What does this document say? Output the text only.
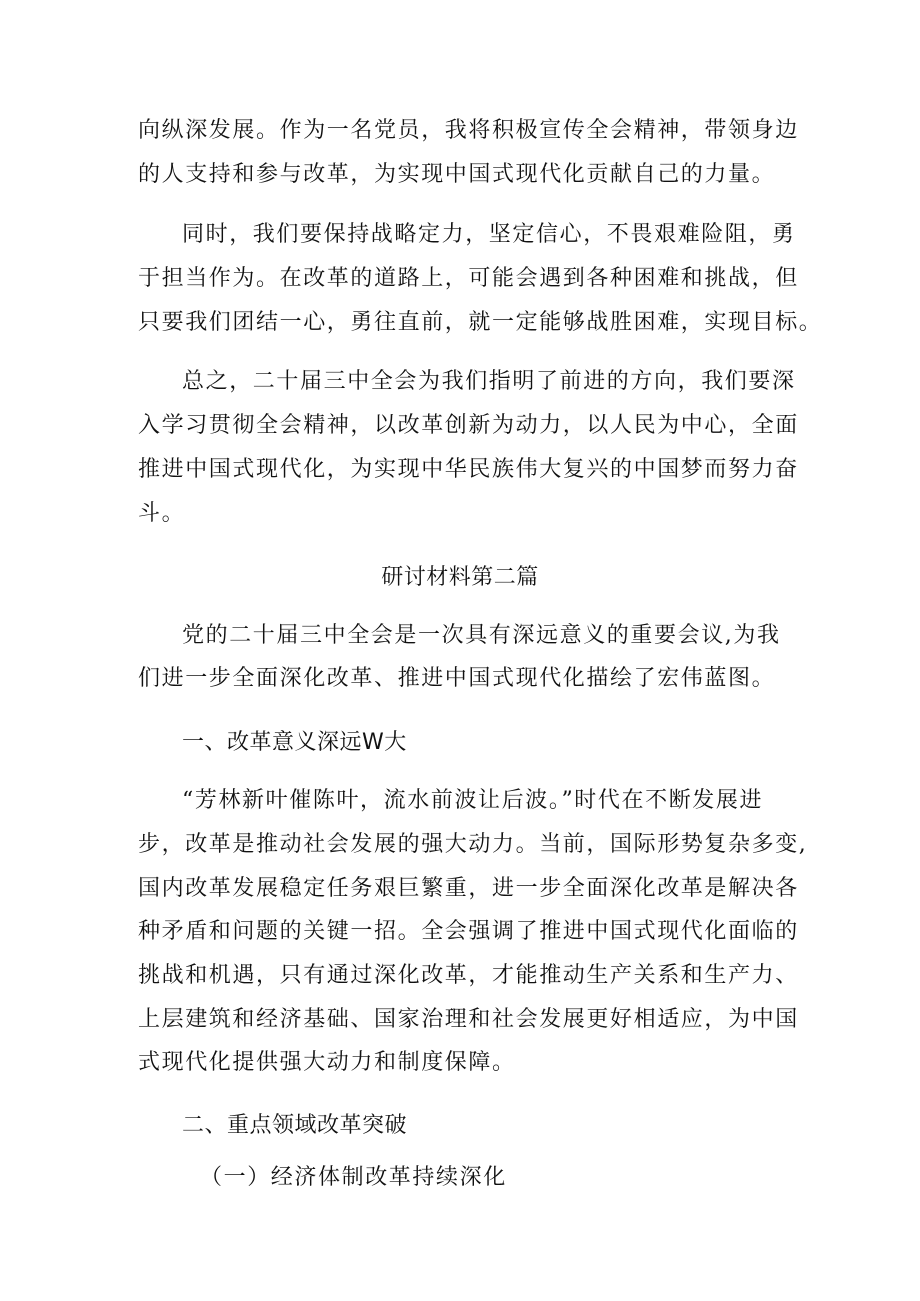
向纵深发展。作为一名党员，我将积极宣传全会精神，带领身边
的人支持和参与改革，为实现中国式现代化贡献自己的力量。
同时，我们要保持战略定力，坚定信心，不畏艰难险阻，勇
于担当作为。在改革的道路上，可能会遇到各种困难和挑战，但
只要我们团结一心，勇往直前，就一定能够战胜困难，实现目标。
总之，二十届三中全会为我们指明了前进的方向，我们要深
入学习贯彻全会精神，以改革创新为动力，以人民为中心，全面
推进中国式现代化，为实现中华民族伟大复兴的中国梦而努力奋
斗。
研讨材料第二篇
党的二十届三中全会是一次具有深远意义的重要会议,为我
们进一步全面深化改革、推进中国式现代化描绘了宏伟蓝图。
一、改革意义深远W大
“芳林新叶催陈叶，流水前波让后波。”时代在不断发展进
步，改革是推动社会发展的强大动力。当前，国际形势复杂多变,
国内改革发展稳定任务艰巨繁重，进一步全面深化改革是解决各
种矛盾和问题的关键一招。全会强调了推进中国式现代化面临的
挑战和机遇，只有通过深化改革，才能推动生产关系和生产力、
上层建筑和经济基础、国家治理和社会发展更好相适应，为中国
式现代化提供强大动力和制度保障。
二、重点领域改革突破
（一）经济体制改革持续深化
